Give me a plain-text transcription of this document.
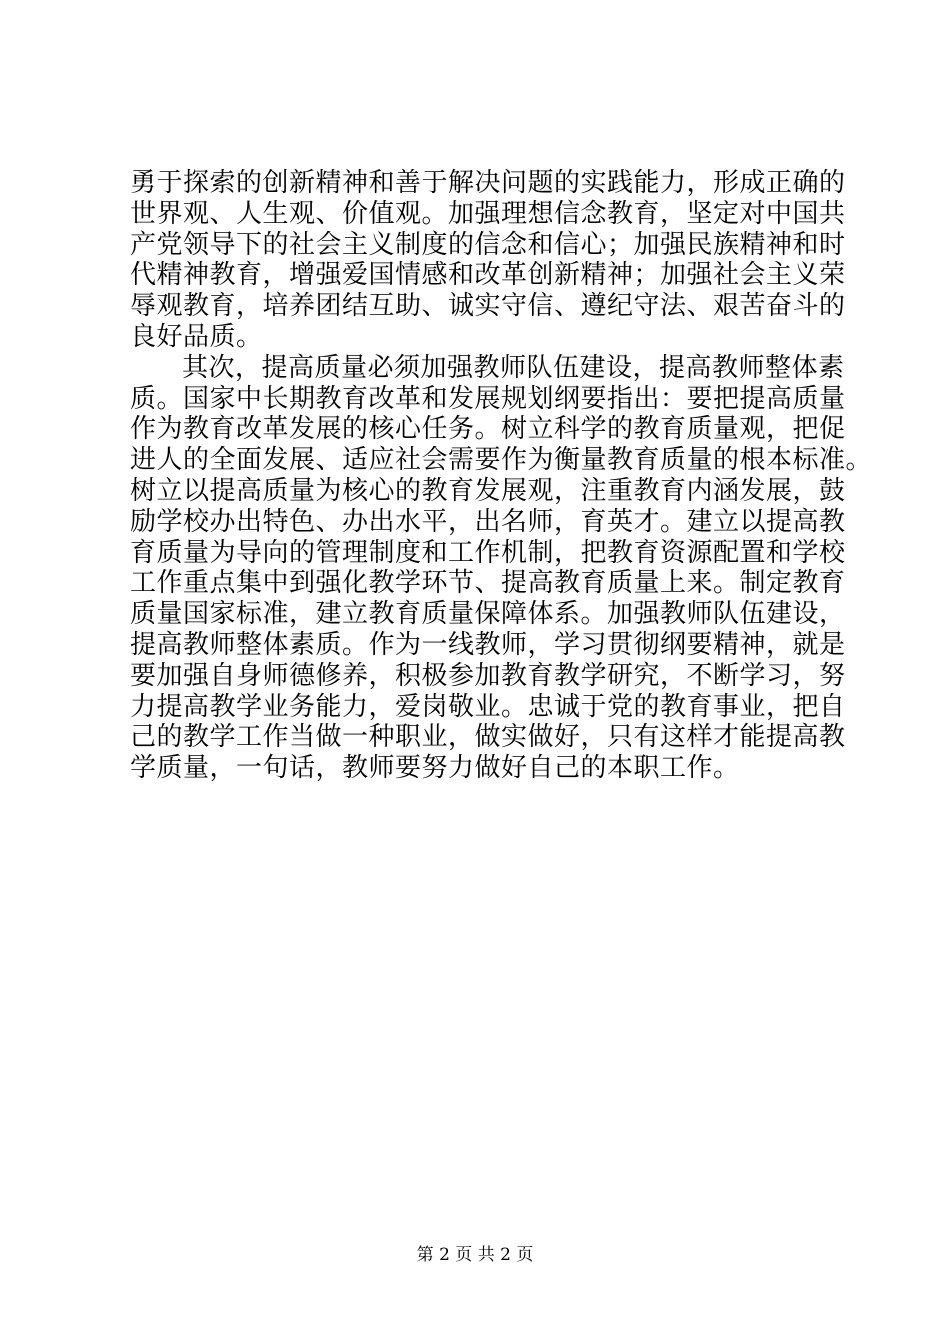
勇于探索的创新精神和善于解决问题的实践能力，形成正确的
世界观、人生观、价值观。加强理想信念教育，坚定对中国共
产党领导下的社会主义制度的信念和信心；加强民族精神和时
代精神教育，增强爱国情感和改革创新精神；加强社会主义荣
辱观教育，培养团结互助、诚实守信、遵纪守法、艰苦奋斗的
良好品质。
其次，提高质量必须加强教师队伍建设，提高教师整体素
质。国家中长期教育改革和发展规划纲要指出：要把提高质量
作为教育改革发展的核心任务。树立科学的教育质量观，把促
进人的全面发展、适应社会需要作为衡量教育质量的根本标准。
树立以提高质量为核心的教育发展观，注重教育内涵发展，鼓
励学校办出特色、办出水平，出名师，育英才。建立以提高教
育质量为导向的管理制度和工作机制，把教育资源配置和学校
工作重点集中到强化教学环节、提高教育质量上来。制定教育
质量国家标准，建立教育质量保障体系。加强教师队伍建设，
提高教师整体素质。作为一线教师，学习贯彻纲要精神，就是
要加强自身师德修养，积极参加教育教学研究，不断学习，努
力提高教学业务能力，爱岗敬业。忠诚于党的教育事业，把自
己的教学工作当做一种职业，做实做好，只有这样才能提高教
学质量，一句话，教师要努力做好自己的本职工作。
第 2 页 共 2 页
